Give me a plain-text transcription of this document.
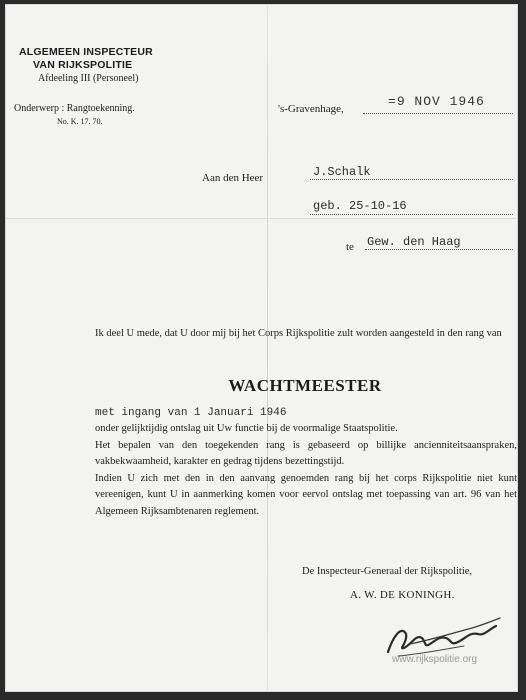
ALGEMEEN INSPECTEUR
VAN RIJKSPOLITIE
Afdeeling III (Personeel)
Onderwerp : Rangtoekenning.
No. K. 17. 70.
's-Gravenhage,	=9 NOV 1946
Aan den Heer	J.Schalk
geb. 25-10-16
te Gew. den Haag

Ik deel U mede, dat U door mij bij het Corps Rijkspolitie zult worden aangesteld in den rang van

WACHTMEESTER
met ingang van 1 Januari 1946

onder gelijktijdig ontslag uit Uw functie bij de voormalige Staatspolitie.

Het bepalen van den toegekenden rang is gebaseerd op billijke ancienniteitsaanspraken, vakbekwaamheid, karakter en gedrag tijdens bezettingstijd.

Indien U zich met den in den aanvang genoemden rang bij het corps Rijkspolitie niet kunt vereenigen, kunt U in aanmerking komen voor eervol ontslag met toepassing van art. 96 van het Algemeen Rijksambtenaren reglement.

De Inspecteur-Generaal der Rijkspolitie,
A. W. DE KONINGH.
www.rijkspolitie.org
